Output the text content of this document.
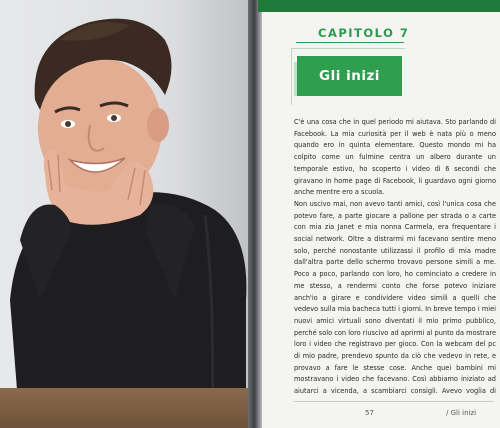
CAPITOLO 7
Gli inizi

C'è una cosa che in quel periodo mi aiutava. Sto parlando di Facebook. La mia curiosità per il web è nata più o meno quando ero in quinta elementare. Questo mondo mi ha colpito come un fulmine centra un albero durante un temporale estivo, ho scoperto i video di 6 secondi che giravano in home page di Facebook, li guardavo ogni giorno anche mentre ero a scuola.

Non uscivo mai, non avevo tanti amici, così l'unica cosa che potevo fare, a parte giocare a pallone per strada o a carte con mia zia Janet e mia nonna Carmela, era frequentare i social network. Oltre a distrarmi mi facevano sentire meno solo, perché nonostante utilizzassi il profilo di mia madre dall'altra parte dello schermo trovavo persone simili a me. Poco a poco, parlando con loro, ho cominciato a credere in me stesso, a rendermi conto che forse potevo iniziare anch'io a girare e condividere video simili a quelli che vedevo sulla mia bacheca tutti i giorni. In breve tempo i miei nuovi amici virtuali sono diventati il mio primo pubblico, perché solo con loro riuscivo ad aprirmi al punto da mostrare loro i video che registravo per gioco. Con la webcam del pc di mio padre, prendevo spunto da ciò che vedevo in rete, e provavo a fare le stesse cose. Anche quei bambini mi mostravano i video che facevano. Così abbiamo iniziato ad aiutarci a vicenda, a scambiarci consigli. Avevo voglia di

57	/ Gli inizi
